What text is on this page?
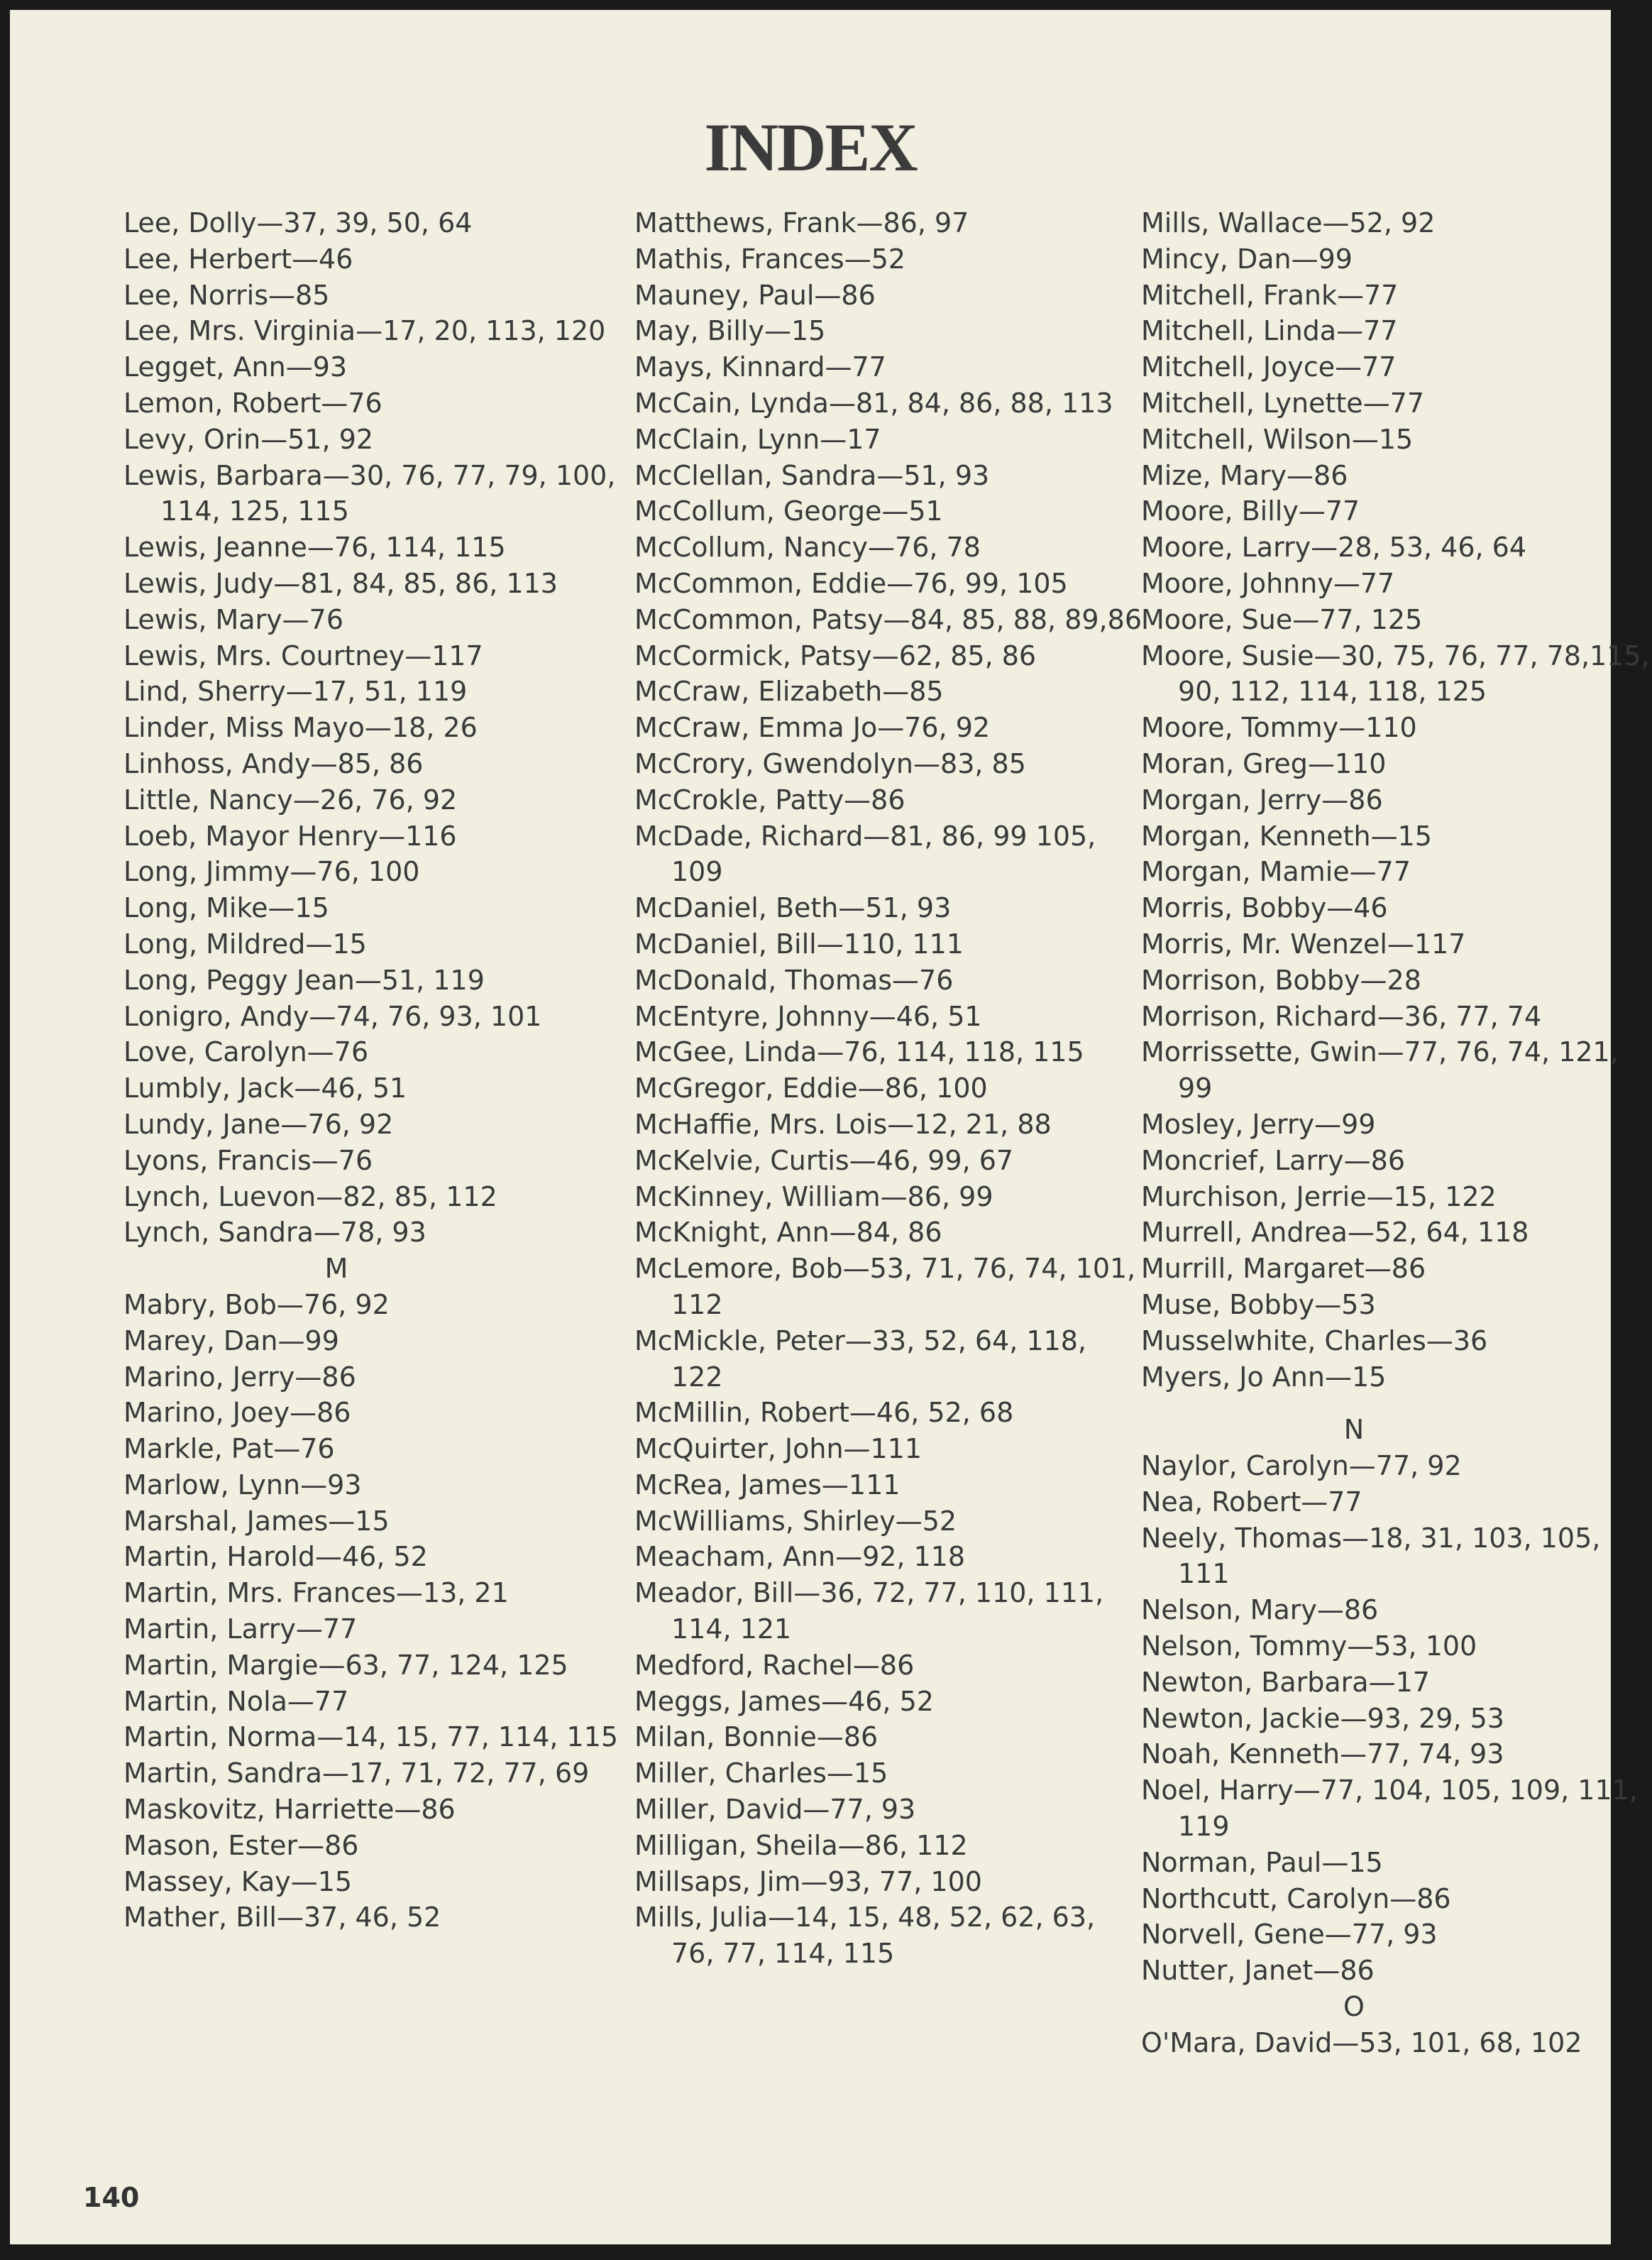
INDEX
Lee, Dolly—37, 39, 50, 64
Lee, Herbert—46
Lee, Norris—85
Lee, Mrs. Virginia—17, 20, 113, 120
Legget, Ann—93
Lemon, Robert—76
Levy, Orin—51, 92
Lewis, Barbara—30, 76, 77, 79, 100, 114, 125, 115
Lewis, Jeanne—76, 114, 115
Lewis, Judy—81, 84, 85, 86, 113
Lewis, Mary—76
Lewis, Mrs. Courtney—117
Lind, Sherry—17, 51, 119
Linder, Miss Mayo—18, 26
Linhoss, Andy—85, 86
Little, Nancy—26, 76, 92
Loeb, Mayor Henry—116
Long, Jimmy—76, 100
Long, Mike—15
Long, Mildred—15
Long, Peggy Jean—51, 119
Lonigro, Andy—74, 76, 93, 101
Love, Carolyn—76
Lumbly, Jack—46, 51
Lundy, Jane—76, 92
Lyons, Francis—76
Lynch, Luevon—82, 85, 112
Lynch, Sandra—78, 93
M
Mabry, Bob—76, 92
Marey, Dan—99
Marino, Jerry—86
Marino, Joey—86
Markle, Pat—76
Marlow, Lynn—93
Marshal, James—15
Martin, Harold—46, 52
Martin, Mrs. Frances—13, 21
Martin, Larry—77
Martin, Margie—63, 77, 124, 125
Martin, Nola—77
Martin, Norma—14, 15, 77, 114, 115
Martin, Sandra—17, 71, 72, 77, 69
Maskovitz, Harriette—86
Mason, Ester—86
Massey, Kay—15
Mather, Bill—37, 46, 52
Matthews, Frank—86, 97
Mathis, Frances—52
Mauney, Paul—86
May, Billy—15
Mays, Kinnard—77
McCain, Lynda—81, 84, 86, 88, 113
McClain, Lynn—17
McClellan, Sandra—51, 93
McCollum, George—51
McCollum, Nancy—76, 78
McCommon, Eddie—76, 99, 105
McCommon, Patsy—84, 85, 88, 89,86
McCormick, Patsy—62, 85, 86
McCraw, Elizabeth—85
McCraw, Emma Jo—76, 92
McCrory, Gwendolyn—83, 85
McCrokle, Patty—86
McDade, Richard—81, 86, 99 105, 109
McDaniel, Beth—51, 93
McDaniel, Bill—110, 111
McDonald, Thomas—76
McEntyre, Johnny—46, 51
McGee, Linda—76, 114, 118, 115
McGregor, Eddie—86, 100
McHaffie, Mrs. Lois—12, 21, 88
McKelvie, Curtis—46, 99, 67
McKinney, William—86, 99
McKnight, Ann—84, 86
McLemore, Bob—53, 71, 76, 74, 101, 112
McMickle, Peter—33, 52, 64, 118, 122
McMillin, Robert—46, 52, 68
McQuirter, John—111
McRea, James—111
McWilliams, Shirley—52
Meacham, Ann—92, 118
Meador, Bill—36, 72, 77, 110, 111, 114, 121
Medford, Rachel—86
Meggs, James—46, 52
Milan, Bonnie—86
Miller, Charles—15
Miller, David—77, 93
Milligan, Sheila—86, 112
Millsaps, Jim—93, 77, 100
Mills, Julia—14, 15, 48, 52, 62, 63, 76, 77, 114, 115
Mills, Wallace—52, 92
Mincy, Dan—99
Mitchell, Frank—77
Mitchell, Linda—77
Mitchell, Joyce—77
Mitchell, Lynette—77
Mitchell, Wilson—15
Mize, Mary—86
Moore, Billy—77
Moore, Larry—28, 53, 46, 64
Moore, Johnny—77
Moore, Sue—77, 125
Moore, Susie—30, 75, 76, 77, 78,115, 90, 112, 114, 118, 125
Moore, Tommy—110
Moran, Greg—110
Morgan, Jerry—86
Morgan, Kenneth—15
Morgan, Mamie—77
Morris, Bobby—46
Morris, Mr. Wenzel—117
Morrison, Bobby—28
Morrison, Richard—36, 77, 74
Morrissette, Gwin—77, 76, 74, 121, 99
Mosley, Jerry—99
Moncrief, Larry—86
Murchison, Jerrie—15, 122
Murrell, Andrea—52, 64, 118
Murrill, Margaret—86
Muse, Bobby—53
Musselwhite, Charles—36
Myers, Jo Ann—15
N
Naylor, Carolyn—77, 92
Nea, Robert—77
Neely, Thomas—18, 31, 103, 105, 111
Nelson, Mary—86
Nelson, Tommy—53, 100
Newton, Barbara—17
Newton, Jackie—93, 29, 53
Noah, Kenneth—77, 74, 93
Noel, Harry—77, 104, 105, 109, 111, 119
Norman, Paul—15
Northcutt, Carolyn—86
Norvell, Gene—77, 93
Nutter, Janet—86
O
O'Mara, David—53, 101, 68, 102
140
